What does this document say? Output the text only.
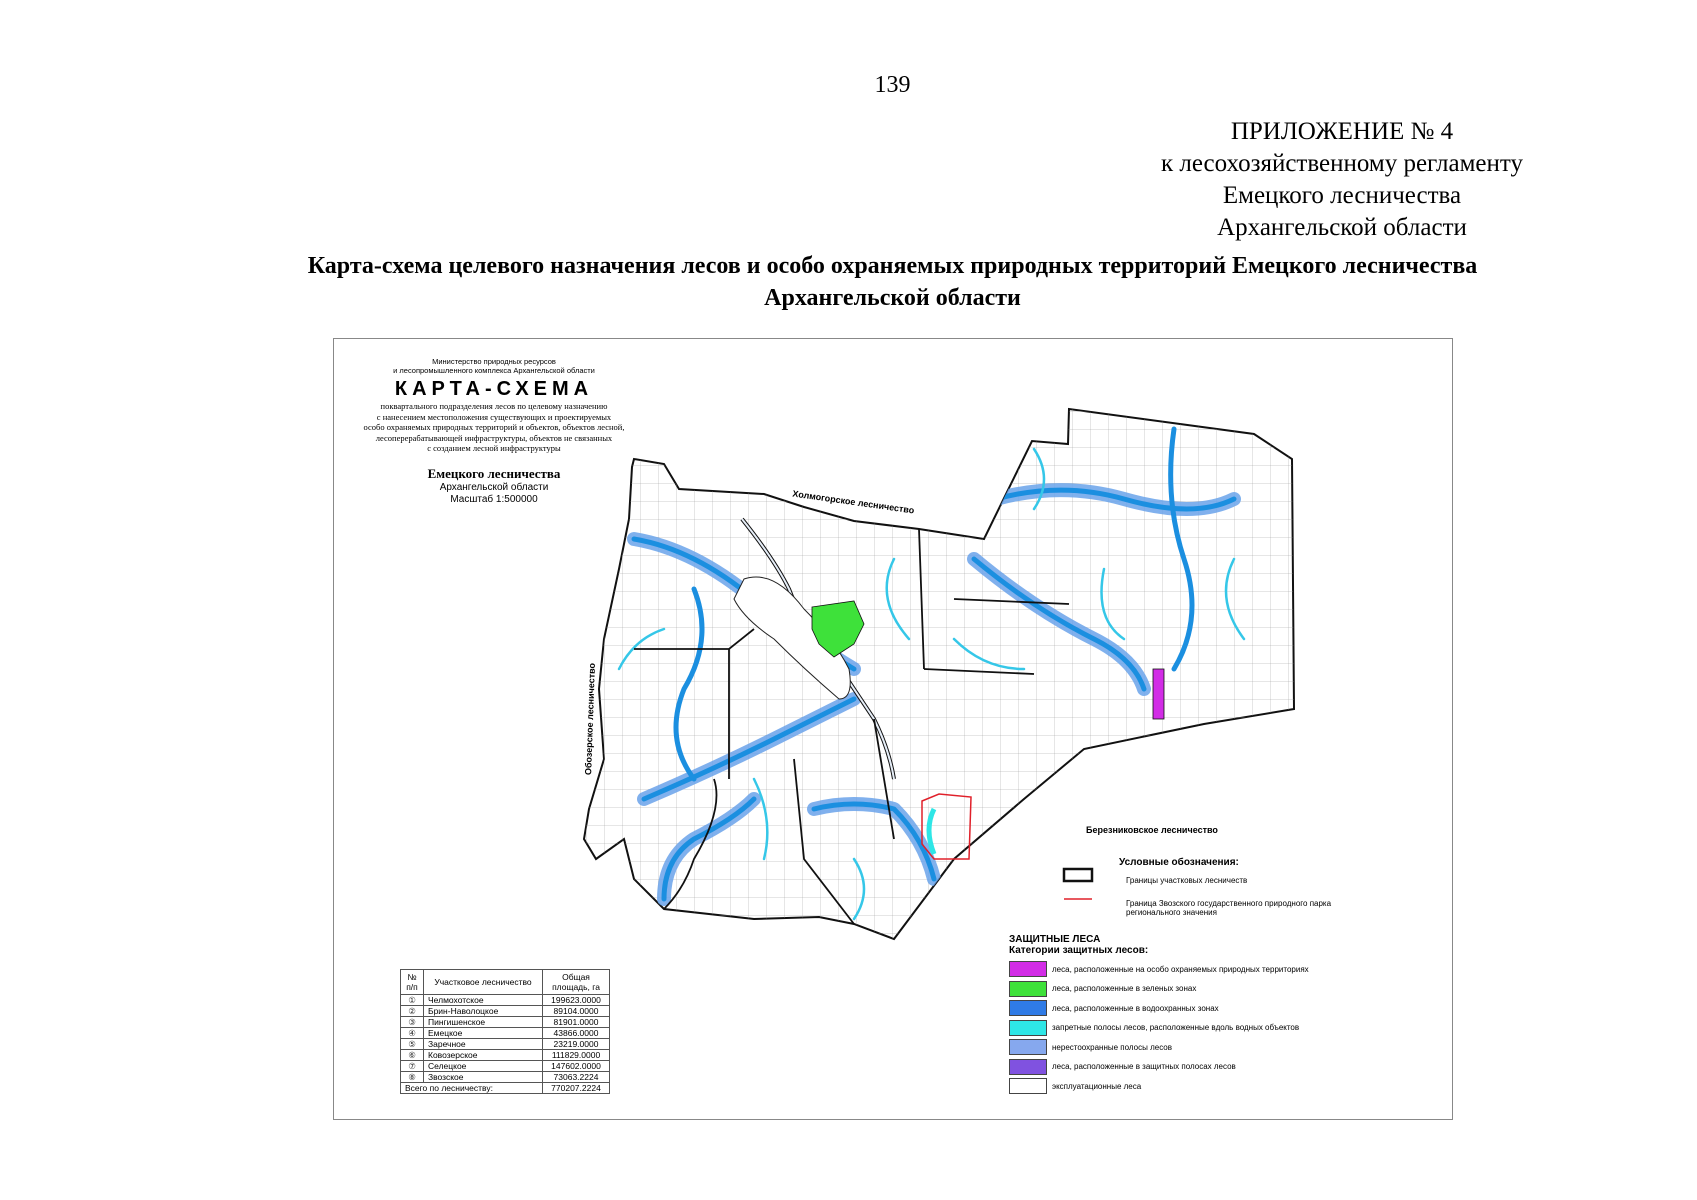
139
ПРИЛОЖЕНИЕ № 4
к лесохозяйственному регламенту
Емецкого лесничества
Архангельской области
Карта-схема целевого назначения лесов и особо охраняемых природных территорий Емецкого лесничества
Архангельской области
Министерство природных ресурсов
и лесопромышленного комплекса Архангельской области
КАРТА-СХЕМА
поквартального подразделения лесов по целевому назначению
с нанесением местоположения существующих и проектируемых
особо охраняемых природных территорий и объектов, объектов лесной,
лесоперерабатывающей инфраструктуры, объектов не связанных
с созданием лесной инфраструктуры
Емецкого лесничества
Архангельской области
Масштаб 1:500000	Холмогорское лесничество
Обозерское лесничество
Березниковское лесничество
Условные обозначения:
Границы участковых лесничеств
Граница Звозского государственного природного парка регионального значения
ЗАЩИТНЫЕ ЛЕСА
Категории защитных лесов:
леса, расположенные на особо охраняемых природных территориях
леса, расположенные в зеленых зонах
леса, расположенные в водоохранных зонах
запретные полосы лесов, расположенные вдоль водных объектов
нерестоохранные полосы лесов
леса, расположенные в защитных полосах лесов
эксплуатационные леса
№ п/п	Участковое лесничество	Общая площадь, га
①	Челмохотское	199623.0000
②	Брин-Наволоцкое	89104.0000
③	Пингишенское	81901.0000
④	Емецкое	43866.0000
⑤	Заречное	23219.0000
⑥	Ковозерское	111829.0000
⑦	Селецкое	147602.0000
⑧	Звозское	73063.2224
Всего по лесничеству:		770207.2224
